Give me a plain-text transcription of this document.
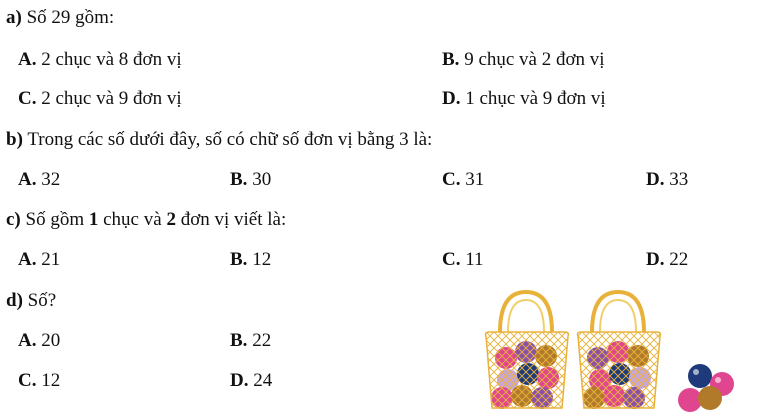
a) Số 29 gồm:
A. 2 chục và 8 đơn vị	B. 9 chục và 2 đơn vị
C. 2 chục và 9 đơn vị	D. 1 chục và 9 đơn vị
b) Trong các số dưới đây, số có chữ số đơn vị bằng 3 là:
A. 32	B. 30	C. 31	D. 33
c) Số gồm 1 chục và 2 đơn vị viết là:
A. 21	B. 12	C. 11	D. 22
d) Số?
A. 20	B. 22
C. 12	D. 24
